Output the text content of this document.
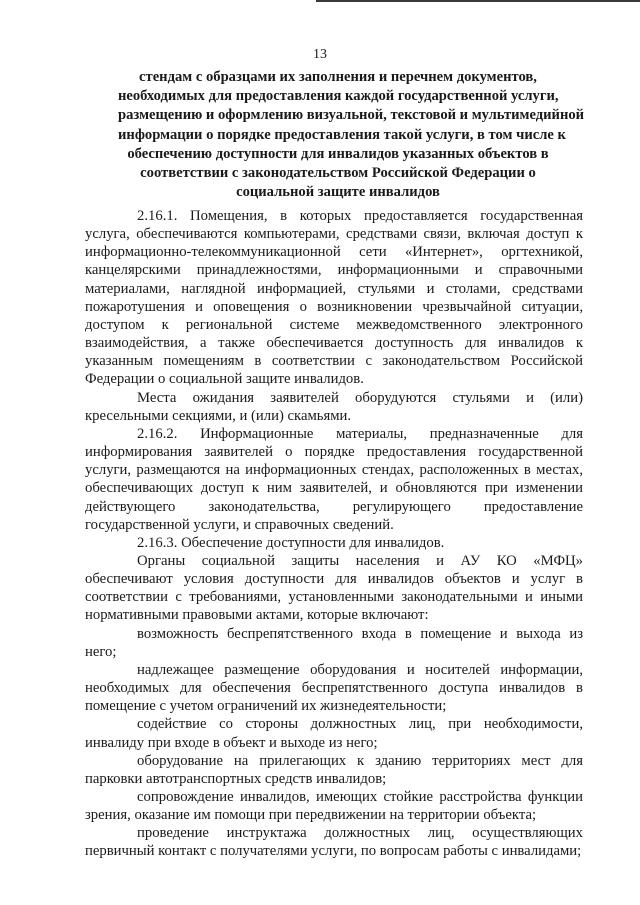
13
стендам с образцами их заполнения и перечнем документов,
необходимых для предоставления каждой государственной услуги,
размещению и оформлению визуальной, текстовой и мультимедийной
информации о порядке предоставления такой услуги, в том числе к
обеспечению доступности для инвалидов указанных объектов в
соответствии с законодательством Российской Федерации о
социальной защите инвалидов

2.16.1. Помещения, в которых предоставляется государственная услуга, обеспечиваются компьютерами, средствами связи, включая доступ к информационно-телекоммуникационной сети «Интернет», оргтехникой, канцелярскими принадлежностями, информационными и справочными материалами, наглядной информацией, стульями и столами, средствами пожаротушения и оповещения о возникновении чрезвычайной ситуации, доступом к региональной системе межведомственного электронного взаимодействия, а также обеспечивается доступность для инвалидов к указанным помещениям в соответствии с законодательством Российской Федерации о социальной защите инвалидов.

Места ожидания заявителей оборудуются стульями и (или) кресельными секциями, и (или) скамьями.

2.16.2. Информационные материалы, предназначенные для информирования заявителей о порядке предоставления государственной услуги, размещаются на информационных стендах, расположенных в местах, обеспечивающих доступ к ним заявителей, и обновляются при изменении действующего законодательства, регулирующего предоставление государственной услуги, и справочных сведений.

2.16.3. Обеспечение доступности для инвалидов.

Органы социальной защиты населения и АУ КО «МФЦ» обеспечивают условия доступности для инвалидов объектов и услуг в соответствии с требованиями, установленными законодательными и иными нормативными правовыми актами, которые включают:

возможность беспрепятственного входа в помещение и выхода из него;

надлежащее размещение оборудования и носителей информации, необходимых для обеспечения беспрепятственного доступа инвалидов в помещение с учетом ограничений их жизнедеятельности;

содействие со стороны должностных лиц, при необходимости, инвалиду при входе в объект и выходе из него;

оборудование на прилегающих к зданию территориях мест для парковки автотранспортных средств инвалидов;

сопровождение инвалидов, имеющих стойкие расстройства функции зрения, оказание им помощи при передвижении на территории объекта;

проведение инструктажа должностных лиц, осуществляющих первичный контакт с получателями услуги, по вопросам работы с инвалидами;
